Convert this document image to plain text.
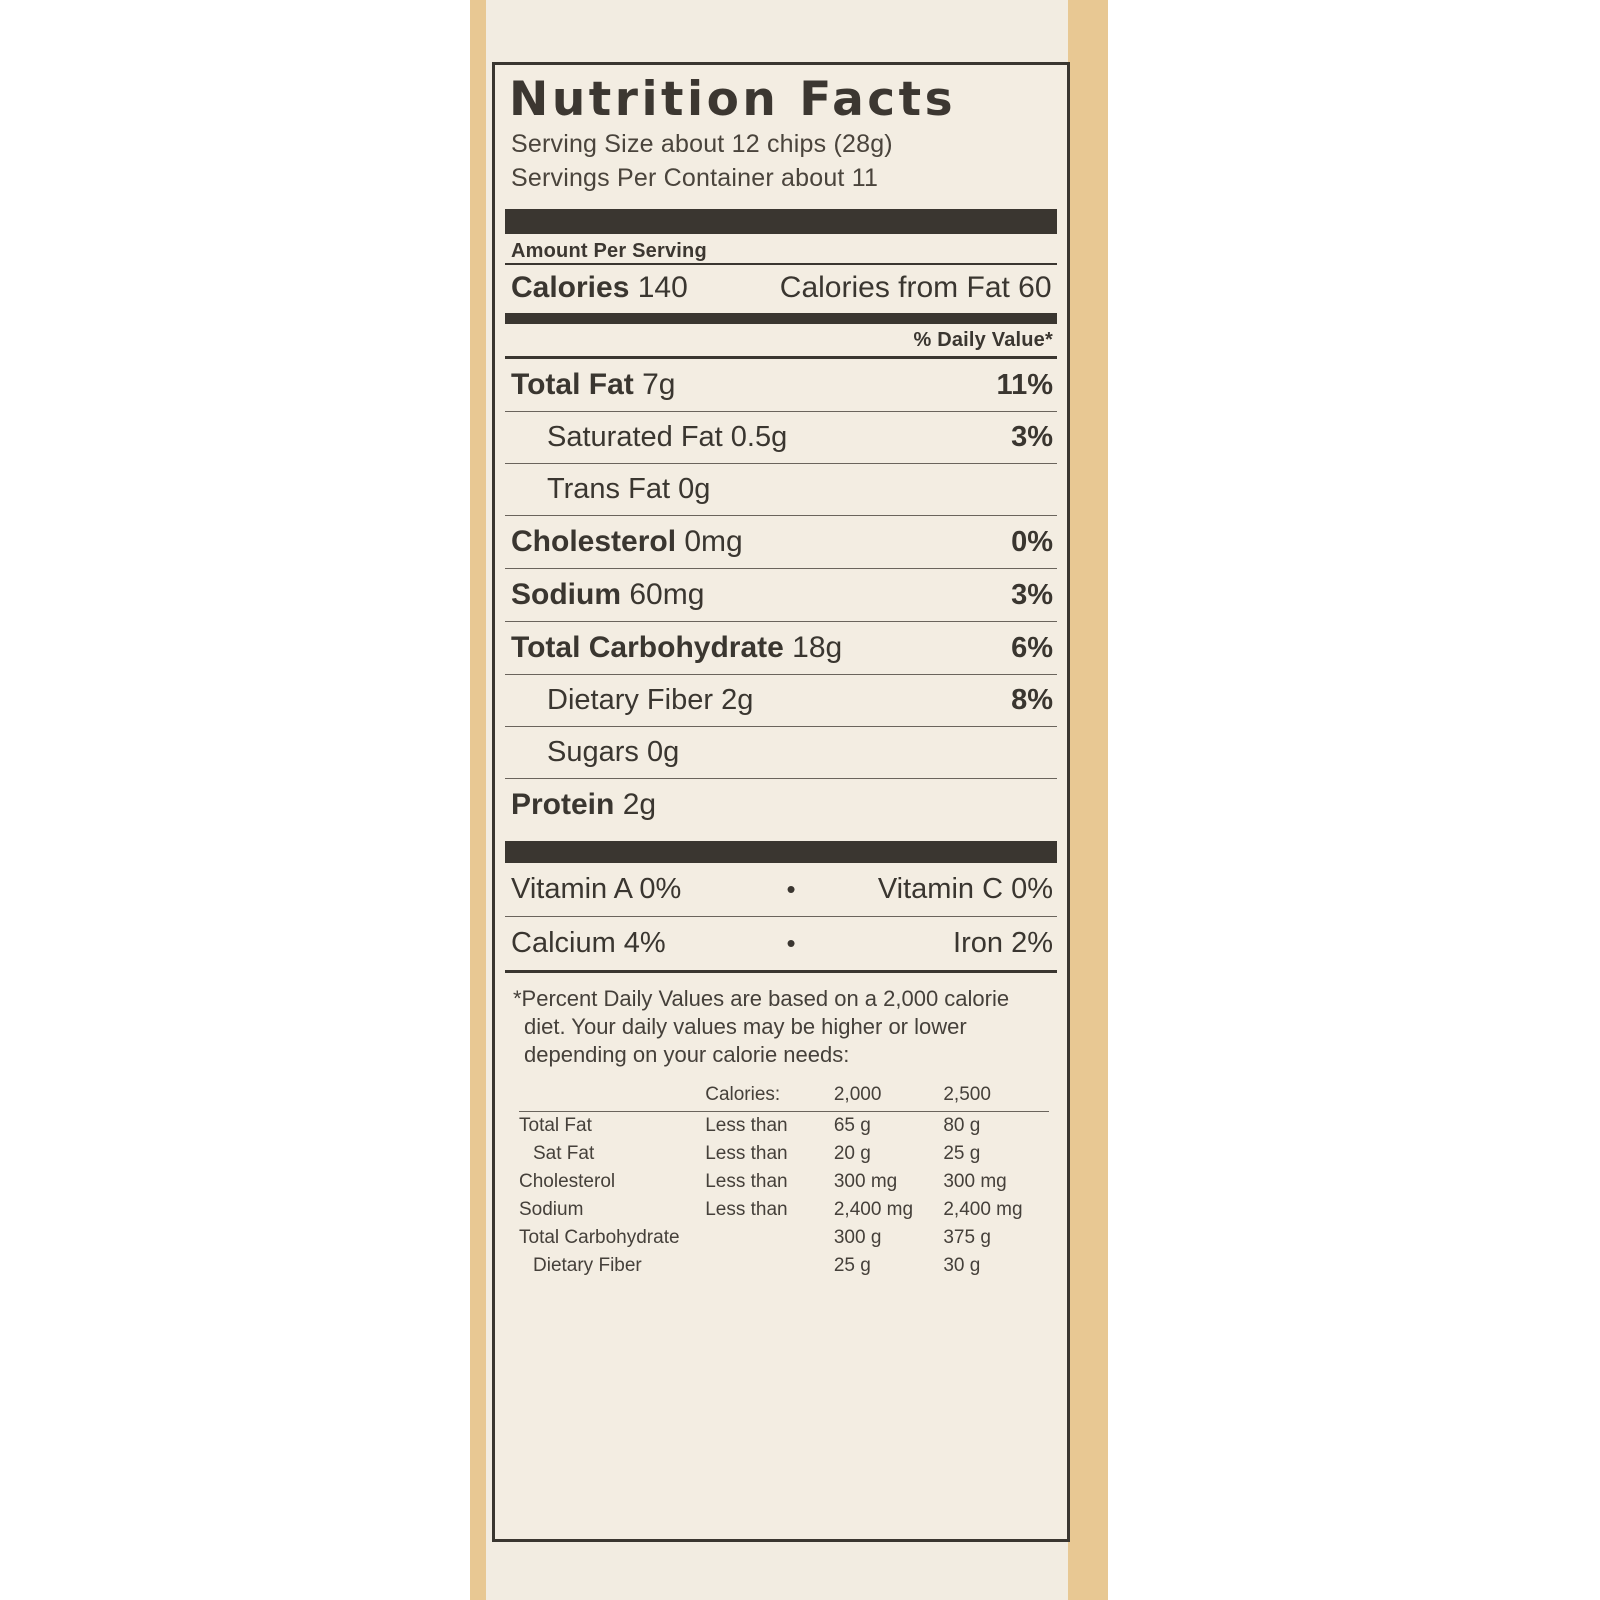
Nutrition Facts
Serving Size about 12 chips (28g)
Servings Per Container about 11
Amount Per Serving
Calories 140	Calories from Fat 60
% Daily Value*
Total Fat 7g	11%
Saturated Fat 0.5g	3%
Trans Fat 0g
Cholesterol 0mg	0%
Sodium 60mg	3%
Total Carbohydrate 18g	6%
Dietary Fiber 2g	8%
Sugars 0g
Protein 2g
Vitamin A 0%	•	Vitamin C 0%
Calcium 4%	•	Iron 2%

*Percent Daily Values are based on a 2,000 calorie diet. Your daily values may be higher or lower depending on your calorie needs:

	Calories:	2,000	2,500
Total Fat	Less than	65 g	80 g
Sat Fat	Less than	20 g	25 g
Cholesterol	Less than	300 mg	300 mg
Sodium	Less than	2,400 mg	2,400 mg
Total Carbohydrate		300 g	375 g
Dietary Fiber		25 g	30 g
